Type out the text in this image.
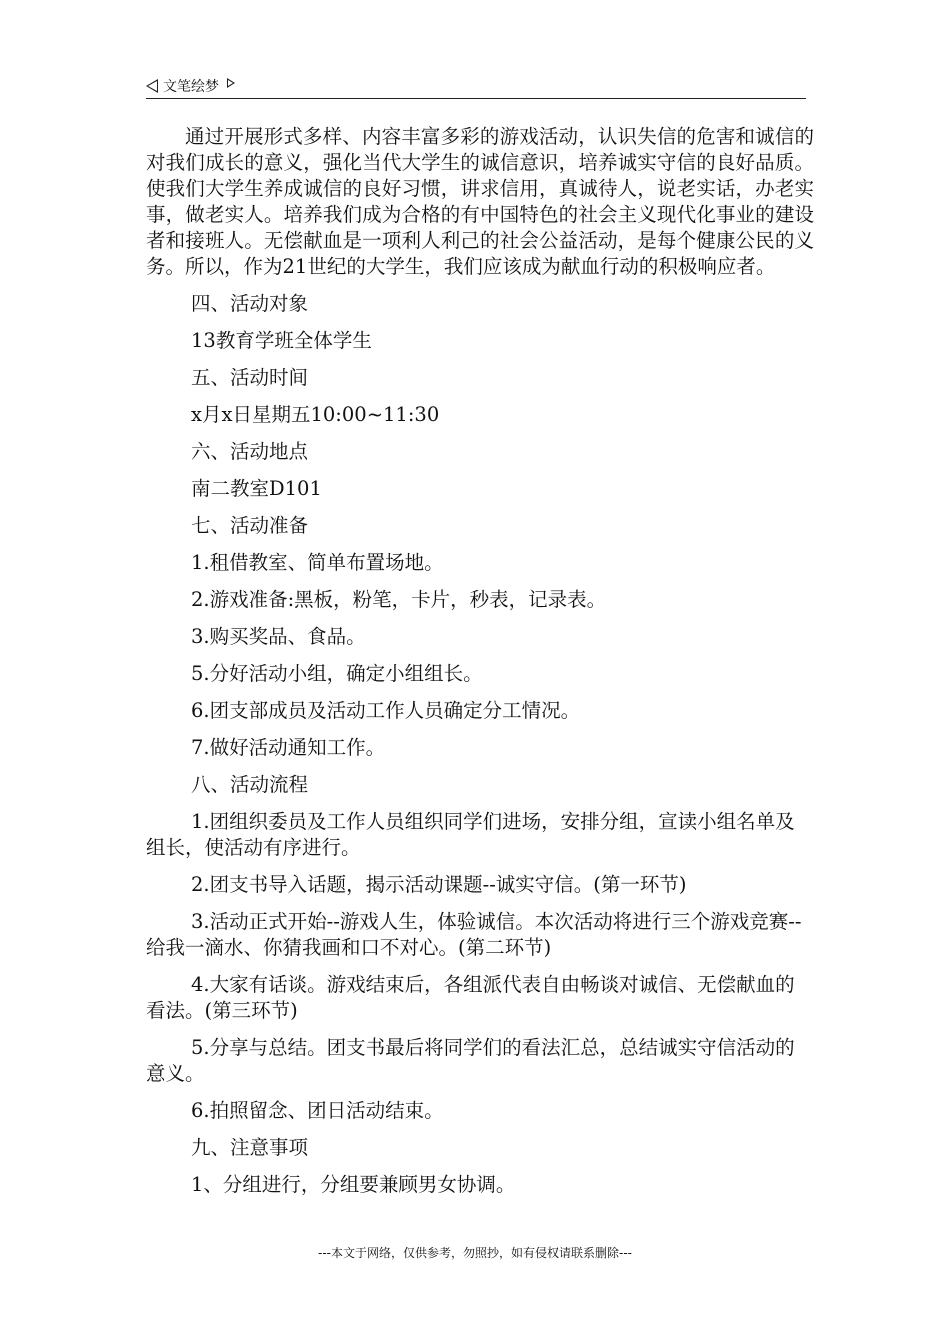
文笔绘梦

通过开展形式多样、内容丰富多彩的游戏活动，认识失信的危害和诚信的对我们成长的意义，强化当代大学生的诚信意识，培养诚实守信的良好品质。使我们大学生养成诚信的良好习惯，讲求信用，真诚待人，说老实话，办老实事，做老实人。培养我们成为合格的有中国特色的社会主义现代化事业的建设者和接班人。无偿献血是一项利人利己的社会公益活动，是每个健康公民的义务。所以，作为21世纪的大学生，我们应该成为献血行动的积极响应者。

四、活动对象

13教育学班全体学生

五、活动时间

x月x日星期五10:00~11:30

六、活动地点

南二教室D101

七、活动准备

1.租借教室、简单布置场地。

2.游戏准备:黑板，粉笔，卡片，秒表，记录表。

3.购买奖品、食品。

5.分好活动小组，确定小组组长。

6.团支部成员及活动工作人员确定分工情况。

7.做好活动通知工作。

八、活动流程

1.团组织委员及工作人员组织同学们进场，安排分组，宣读小组名单及组长，使活动有序进行。

2.团支书导入话题，揭示活动课题--诚实守信。(第一环节)

3.活动正式开始--游戏人生，体验诚信。本次活动将进行三个游戏竞赛--给我一滴水、你猜我画和口不对心。(第二环节)

4.大家有话谈。游戏结束后，各组派代表自由畅谈对诚信、无偿献血的看法。(第三环节)

5.分享与总结。团支书最后将同学们的看法汇总，总结诚实守信活动的意义。

6.拍照留念、团日活动结束。

九、注意事项

1、分组进行，分组要兼顾男女协调。

---本文于网络，仅供参考，勿照抄，如有侵权请联系删除---
